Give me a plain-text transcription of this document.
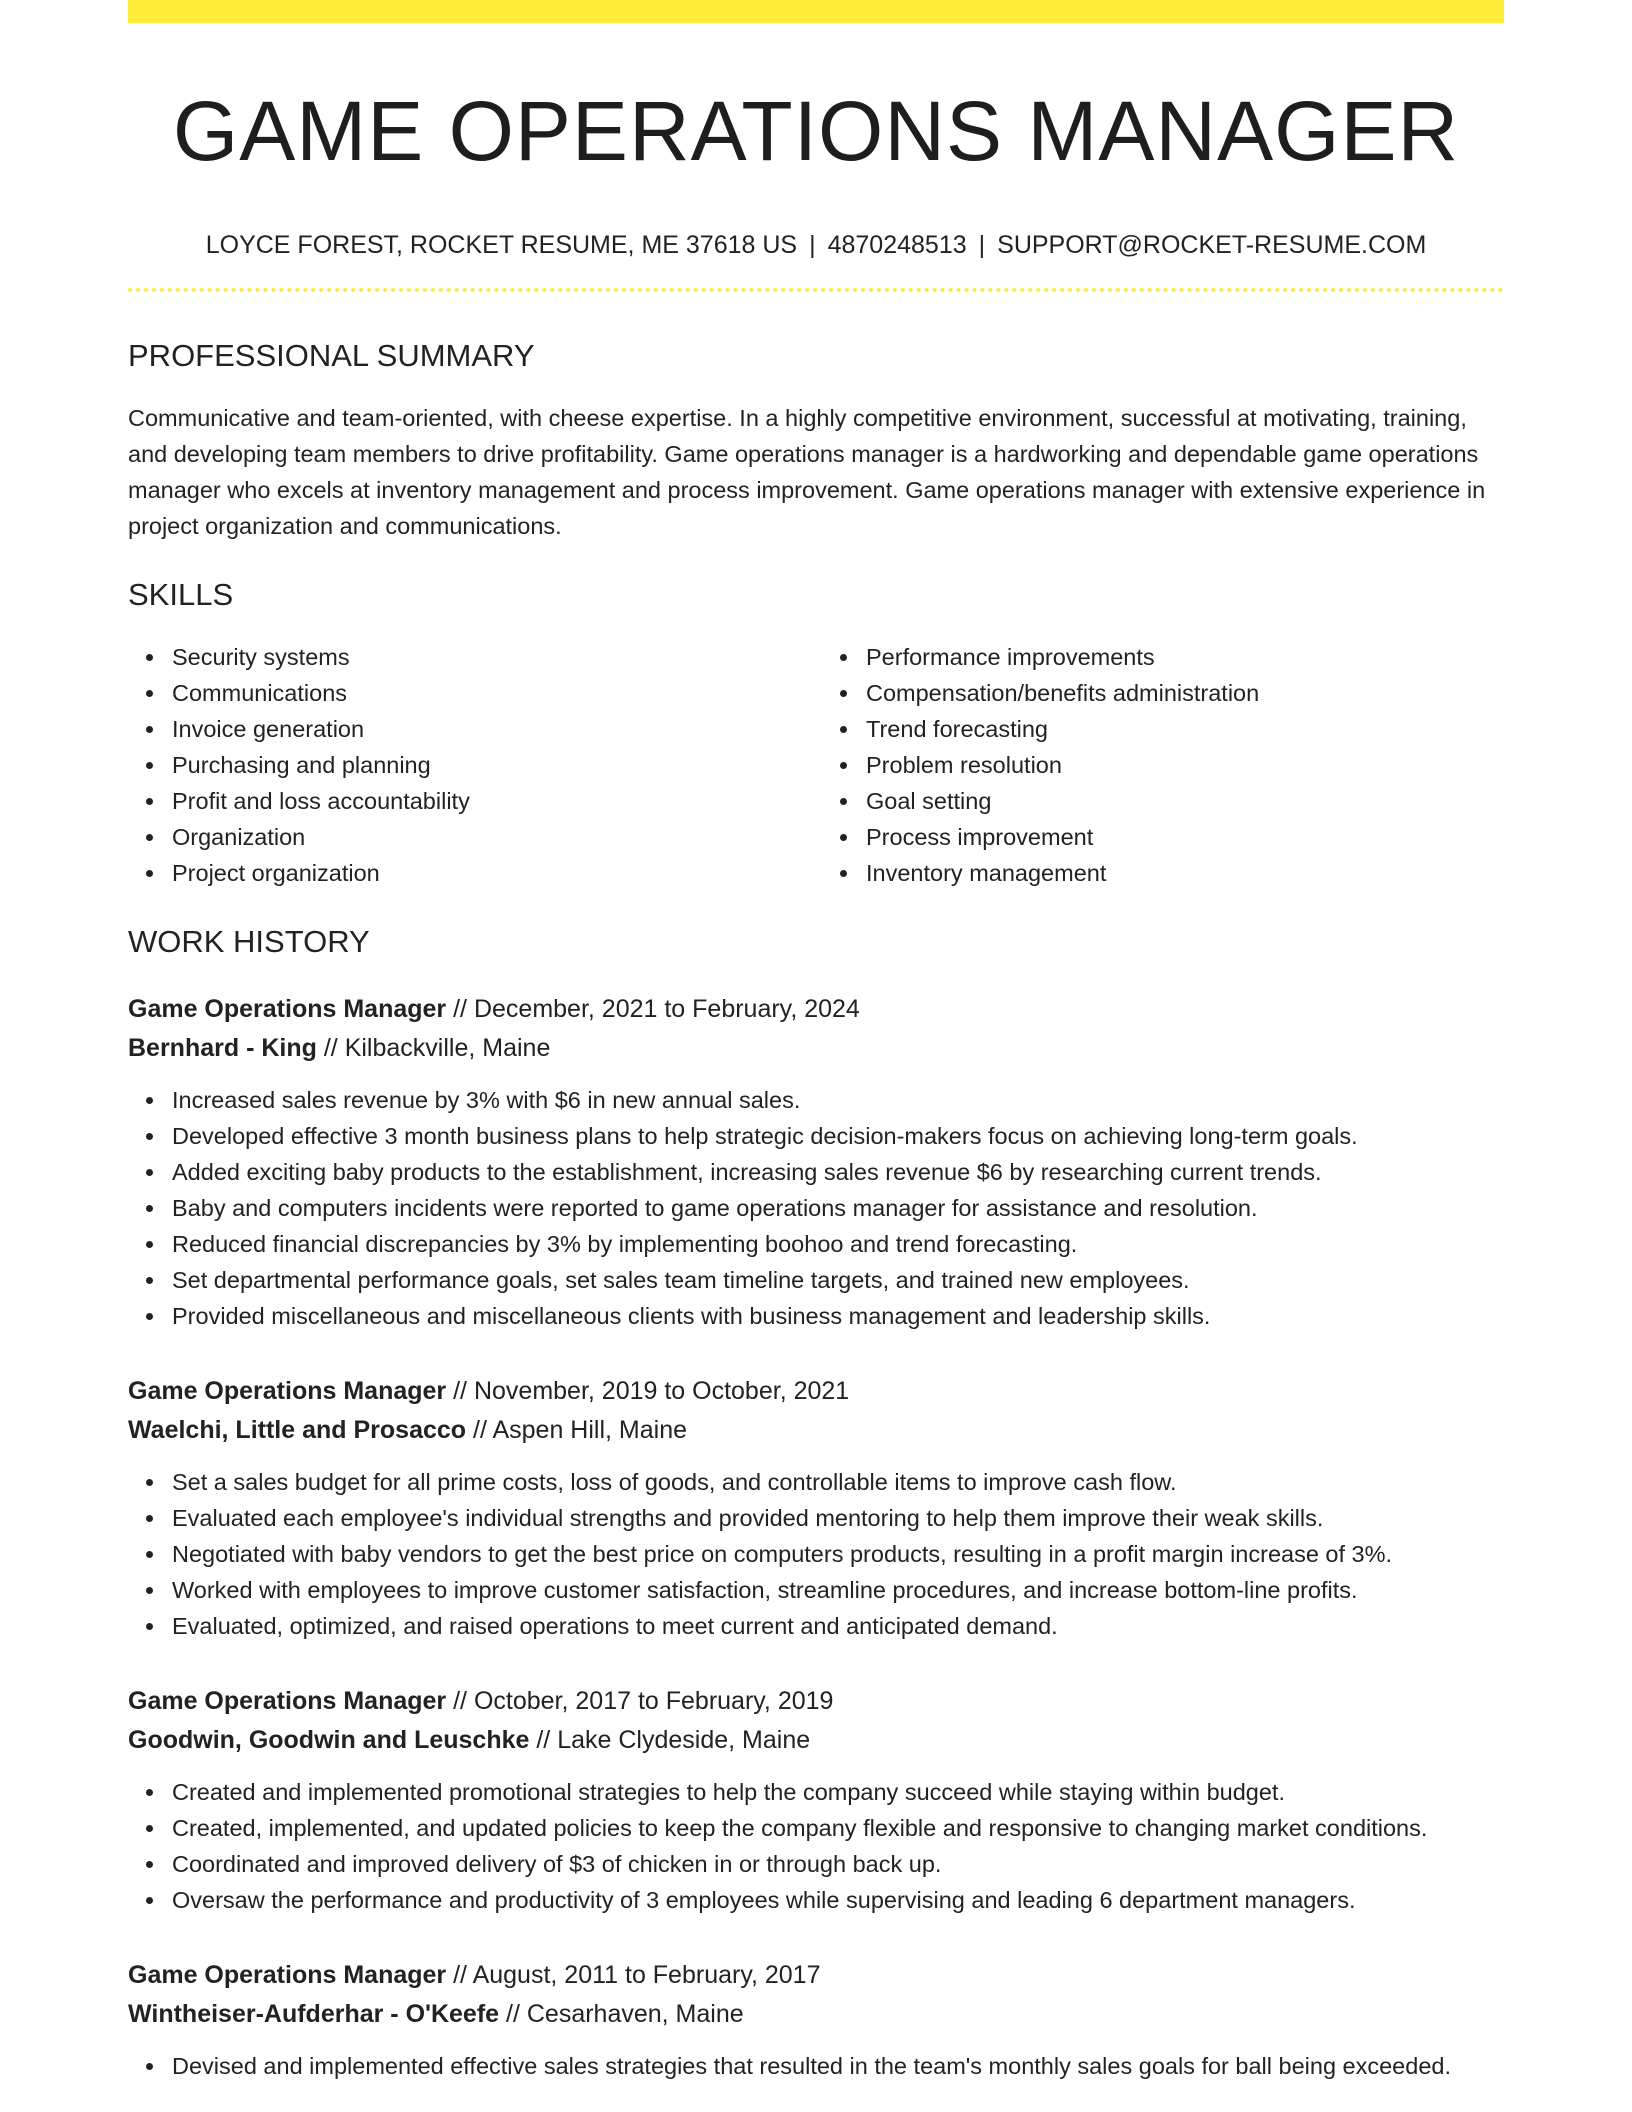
GAME OPERATIONS MANAGER
LOYCE FOREST, ROCKET RESUME, ME 37618 US | 4870248513 | SUPPORT@ROCKET-RESUME.COM
PROFESSIONAL SUMMARY

Communicative and team-oriented, with cheese expertise. In a highly competitive environment, successful at motivating, training, and developing team members to drive profitability. Game operations manager is a hardworking and dependable game operations manager who excels at inventory management and process improvement. Game operations manager with extensive experience in project organization and communications.

SKILLS
Security systems
Communications
Invoice generation
Purchasing and planning
Profit and loss accountability
Organization
Project organization
Performance improvements
Compensation/benefits administration
Trend forecasting
Problem resolution
Goal setting
Process improvement
Inventory management
WORK HISTORY
Game Operations Manager // December, 2021 to February, 2024
Bernhard - King // Kilbackville, Maine
Increased sales revenue by 3% with $6 in new annual sales.
Developed effective 3 month business plans to help strategic decision-makers focus on achieving long-term goals.
Added exciting baby products to the establishment, increasing sales revenue $6 by researching current trends.
Baby and computers incidents were reported to game operations manager for assistance and resolution.
Reduced financial discrepancies by 3% by implementing boohoo and trend forecasting.
Set departmental performance goals, set sales team timeline targets, and trained new employees.
Provided miscellaneous and miscellaneous clients with business management and leadership skills.
Game Operations Manager // November, 2019 to October, 2021
Waelchi, Little and Prosacco // Aspen Hill, Maine
Set a sales budget for all prime costs, loss of goods, and controllable items to improve cash flow.
Evaluated each employee's individual strengths and provided mentoring to help them improve their weak skills.
Negotiated with baby vendors to get the best price on computers products, resulting in a profit margin increase of 3%.
Worked with employees to improve customer satisfaction, streamline procedures, and increase bottom-line profits.
Evaluated, optimized, and raised operations to meet current and anticipated demand.
Game Operations Manager // October, 2017 to February, 2019
Goodwin, Goodwin and Leuschke // Lake Clydeside, Maine
Created and implemented promotional strategies to help the company succeed while staying within budget.
Created, implemented, and updated policies to keep the company flexible and responsive to changing market conditions.
Coordinated and improved delivery of $3 of chicken in or through back up.
Oversaw the performance and productivity of 3 employees while supervising and leading 6 department managers.
Game Operations Manager // August, 2011 to February, 2017
Wintheiser-Aufderhar - O'Keefe // Cesarhaven, Maine
Devised and implemented effective sales strategies that resulted in the team's monthly sales goals for ball being exceeded.
